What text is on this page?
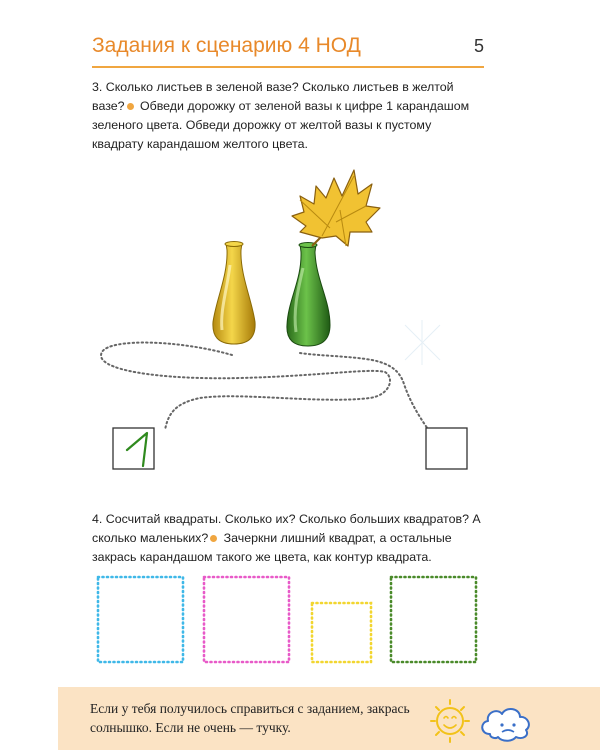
Задания к сценарию 4 НОД	5
3. Сколько листьев в зеленой вазе? Сколько листьев в желтой вазе? Обведи дорожку от зеленой вазы к цифре 1 карандашом зеленого цвета. Обведи дорожку от желтой вазы к пустому квадрату карандашом желтого цвета.
4. Сосчитай квадраты. Сколько их? Сколько больших квадратов? А сколько маленьких? Зачеркни лишний квадрат, а остальные закрась карандашом такого же цвета, как контур квадрата.
Если у тебя получилось справиться с заданием, закрась солнышко. Если не очень — тучку.
